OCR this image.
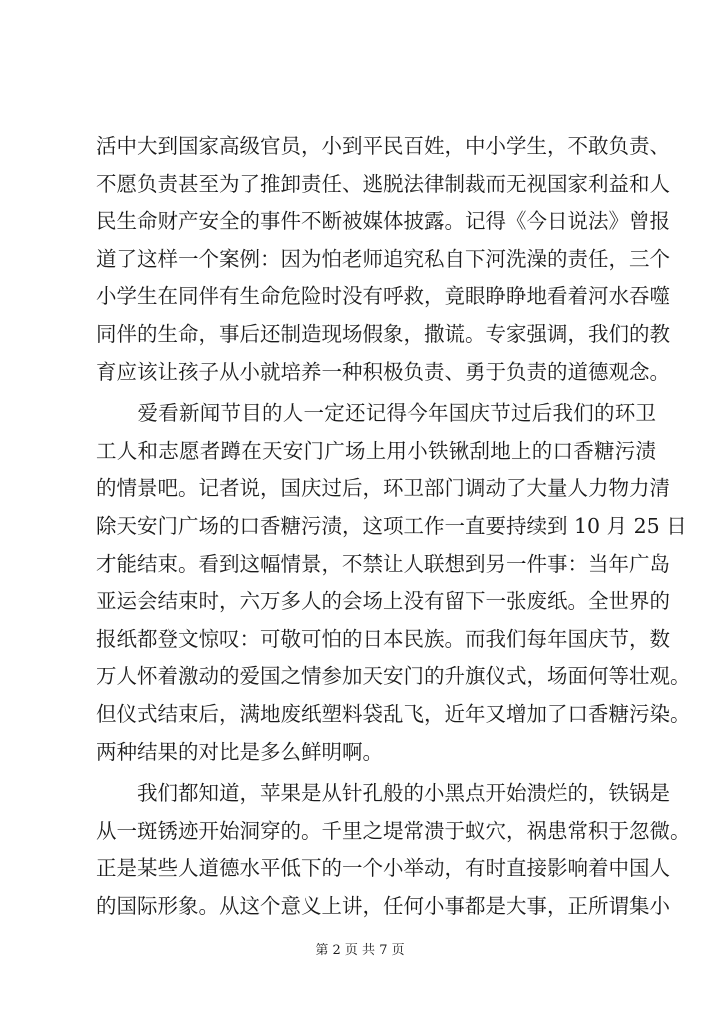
活中大到国家高级官员，小到平民百姓，中小学生，不敢负责、
不愿负责甚至为了推卸责任、逃脱法律制裁而无视国家利益和人
民生命财产安全的事件不断被媒体披露。记得《今日说法》曾报
道了这样一个案例：因为怕老师追究私自下河洗澡的责任，三个
小学生在同伴有生命危险时没有呼救，竟眼睁睁地看着河水吞噬
同伴的生命，事后还制造现场假象，撒谎。专家强调，我们的教
育应该让孩子从小就培养一种积极负责、勇于负责的道德观念。
　　爱看新闻节目的人一定还记得今年国庆节过后我们的环卫
工人和志愿者蹲在天安门广场上用小铁锹刮地上的口香糖污渍
的情景吧。记者说，国庆过后，环卫部门调动了大量人力物力清
除天安门广场的口香糖污渍，这项工作一直要持续到 10 月 25 日
才能结束。看到这幅情景，不禁让人联想到另一件事：当年广岛
亚运会结束时，六万多人的会场上没有留下一张废纸。全世界的
报纸都登文惊叹：可敬可怕的日本民族。而我们每年国庆节，数
万人怀着激动的爱国之情参加天安门的升旗仪式，场面何等壮观。
但仪式结束后，满地废纸塑料袋乱飞，近年又增加了口香糖污染。
两种结果的对比是多么鲜明啊。
　　我们都知道，苹果是从针孔般的小黑点开始溃烂的，铁锅是
从一斑锈迹开始洞穿的。千里之堤常溃于蚁穴，祸患常积于忽微。
正是某些人道德水平低下的一个小举动，有时直接影响着中国人
的国际形象。从这个意义上讲，任何小事都是大事，正所谓集小
第 2 页 共 7 页
